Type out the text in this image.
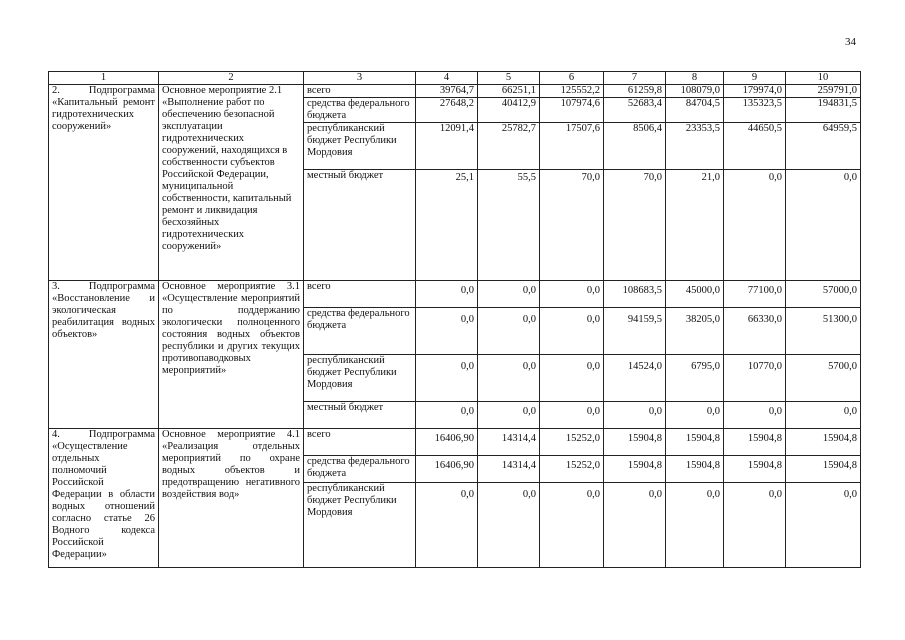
34
1	2	3	4	5	6	7	8	9	10
2. Подпрограмма «Капитальный ремонт гидротехнических сооружений»	Основное мероприятие 2.1 «Выполнение работ по обеспечению безопасной эксплуатации гидротехнических сооружений, находящихся в собственности субъектов Российской Федерации, муниципальной собственности, капитальный ремонт и ликвидация бесхозяйных гидротехнических сооружений»	всего	39764,7	66251,1	125552,2	61259,8	108079,0	179974,0	259791,0
		средства федерального бюджета	27648,2	40412,9	107974,6	52683,4	84704,5	135323,5	194831,5
		республиканский бюджет Республики Мордовия	12091,4	25782,7	17507,6	8506,4	23353,5	44650,5	64959,5
		местный бюджет	25,1	55,5	70,0	70,0	21,0	0,0	0,0
3. Подпрограмма «Восстановление и экологическая реабилитация водных объектов»	Основное мероприятие 3.1 «Осуществление мероприятий по поддержанию экологически полноценного состояния водных объектов республики и других текущих противопаводковых мероприятий»	всего	0,0	0,0	0,0	108683,5	45000,0	77100,0	57000,0
		средства федерального бюджета	0,0	0,0	0,0	94159,5	38205,0	66330,0	51300,0
		республиканский бюджет Республики Мордовия	0,0	0,0	0,0	14524,0	6795,0	10770,0	5700,0
		местный бюджет	0,0	0,0	0,0	0,0	0,0	0,0	0,0
4. Подпрограмма «Осуществление отдельных полномочий Российской Федерации в области водных отношений согласно статье 26 Водного кодекса Российской Федерации»	Основное мероприятие 4.1 «Реализация отдельных мероприятий по охране водных объектов и предотвращению негативного воздействия вод»	всего	16406,90	14314,4	15252,0	15904,8	15904,8	15904,8	15904,8
		средства федерального бюджета	16406,90	14314,4	15252,0	15904,8	15904,8	15904,8	15904,8
		республиканский бюджет Республики Мордовия	0,0	0,0	0,0	0,0	0,0	0,0	0,0
